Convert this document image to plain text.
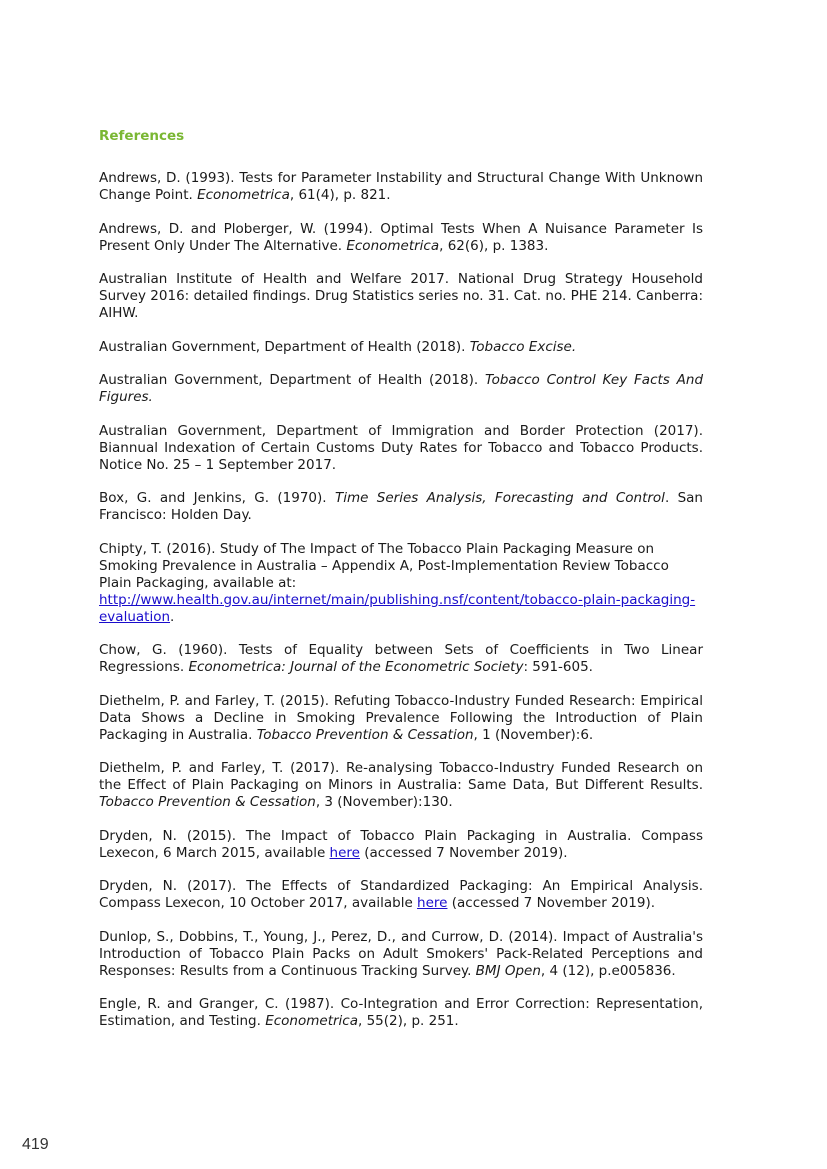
References

Andrews, D. (1993). Tests for Parameter Instability and Structural Change With Unknown Change Point. Econometrica, 61(4), p. 821.

Andrews, D. and Ploberger, W. (1994). Optimal Tests When A Nuisance Parameter Is Present Only Under The Alternative. Econometrica, 62(6), p. 1383.

Australian Institute of Health and Welfare 2017. National Drug Strategy Household Survey 2016: detailed findings. Drug Statistics series no. 31. Cat. no. PHE 214. Canberra: AIHW.

Australian Government, Department of Health (2018). Tobacco Excise.

Australian Government, Department of Health (2018). Tobacco Control Key Facts And Figures.

Australian Government, Department of Immigration and Border Protection (2017). Biannual Indexation of Certain Customs Duty Rates for Tobacco and Tobacco Products. Notice No. 25 – 1 September 2017.

Box, G. and Jenkins, G. (1970). Time Series Analysis, Forecasting and Control. San Francisco: Holden Day.

Chipty, T. (2016). Study of The Impact of The Tobacco Plain Packaging Measure on Smoking Prevalence in Australia – Appendix A, Post-Implementation Review Tobacco Plain Packaging, available at: http://www.health.gov.au/internet/main/publishing.nsf/content/tobacco-plain-packaging-evaluation.

Chow, G. (1960). Tests of Equality between Sets of Coefficients in Two Linear Regressions. Econometrica: Journal of the Econometric Society: 591-605.

Diethelm, P. and Farley, T. (2015). Refuting Tobacco-Industry Funded Research: Empirical Data Shows a Decline in Smoking Prevalence Following the Introduction of Plain Packaging in Australia. Tobacco Prevention & Cessation, 1 (November):6.

Diethelm, P. and Farley, T. (2017). Re-analysing Tobacco-Industry Funded Research on the Effect of Plain Packaging on Minors in Australia: Same Data, But Different Results. Tobacco Prevention & Cessation, 3 (November):130.

Dryden, N. (2015). The Impact of Tobacco Plain Packaging in Australia. Compass Lexecon, 6 March 2015, available here (accessed 7 November 2019).

Dryden, N. (2017). The Effects of Standardized Packaging: An Empirical Analysis. Compass Lexecon, 10 October 2017, available here (accessed 7 November 2019).

Dunlop, S., Dobbins, T., Young, J., Perez, D., and Currow, D. (2014). Impact of Australia's Introduction of Tobacco Plain Packs on Adult Smokers' Pack-Related Perceptions and Responses: Results from a Continuous Tracking Survey. BMJ Open, 4 (12), p.e005836.

Engle, R. and Granger, C. (1987). Co-Integration and Error Correction: Representation, Estimation, and Testing. Econometrica, 55(2), p. 251.

419
